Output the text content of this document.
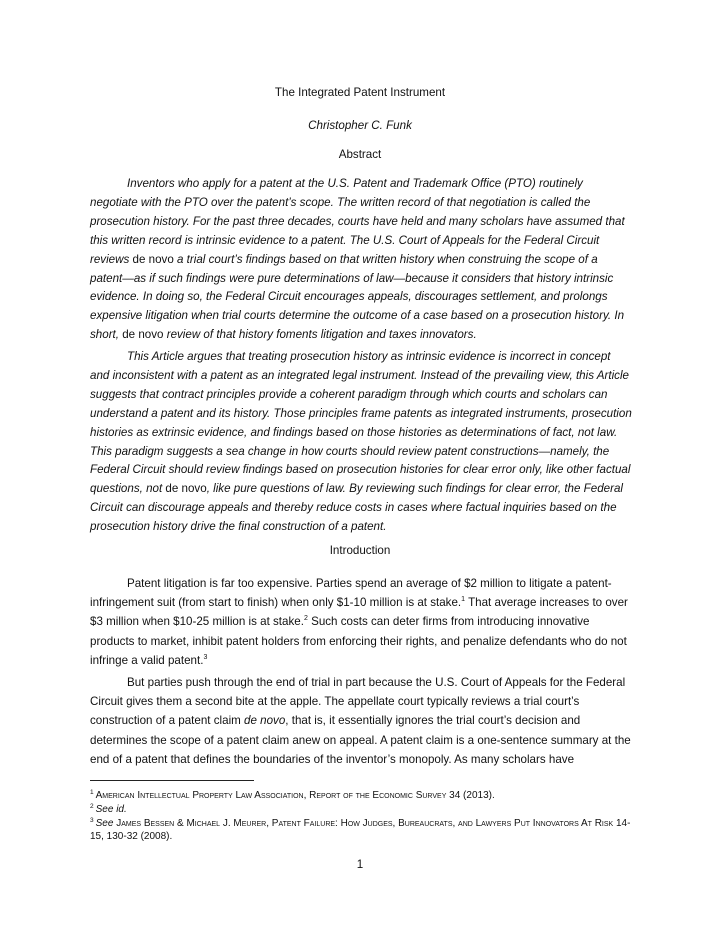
The Integrated Patent Instrument
Christopher C. Funk
Abstract

Inventors who apply for a patent at the U.S. Patent and Trademark Office (PTO) routinely negotiate with the PTO over the patent’s scope. The written record of that negotiation is called the prosecution history. For the past three decades, courts have held and many scholars have assumed that this written record is intrinsic evidence to a patent. The U.S. Court of Appeals for the Federal Circuit reviews de novo a trial court’s findings based on that written history when construing the scope of a patent—as if such findings were pure determinations of law—because it considers that history intrinsic evidence. In doing so, the Federal Circuit encourages appeals, discourages settlement, and prolongs expensive litigation when trial courts determine the outcome of a case based on a prosecution history. In short, de novo review of that history foments litigation and taxes innovators.

This Article argues that treating prosecution history as intrinsic evidence is incorrect in concept and inconsistent with a patent as an integrated legal instrument. Instead of the prevailing view, this Article suggests that contract principles provide a coherent paradigm through which courts and scholars can understand a patent and its history. Those principles frame patents as integrated instruments, prosecution histories as extrinsic evidence, and findings based on those histories as determinations of fact, not law. This paradigm suggests a sea change in how courts should review patent constructions—namely, the Federal Circuit should review findings based on prosecution histories for clear error only, like other factual questions, not de novo, like pure questions of law. By reviewing such findings for clear error, the Federal Circuit can discourage appeals and thereby reduce costs in cases where factual inquiries based on the prosecution history drive the final construction of a patent.

Introduction

Patent litigation is far too expensive. Parties spend an average of $2 million to litigate a patent-infringement suit (from start to finish) when only $1-10 million is at stake.$^1$ That average increases to over $3 million when $10-25 million is at stake.$^2$ Such costs can deter firms from introducing innovative products to market, inhibit patent holders from enforcing their rights, and penalize defendants who do not infringe a valid patent.$^3$

But parties push through the end of trial in part because the U.S. Court of Appeals for the Federal Circuit gives them a second bite at the apple. The appellate court typically reviews a trial court’s construction of a patent claim de novo, that is, it essentially ignores the trial court’s decision and determines the scope of a patent claim anew on appeal. A patent claim is a one-sentence summary at the end of a patent that defines the boundaries of the inventor’s monopoly. As many scholars have

$^1$ American Intellectual Property Law Association, Report of the Economic Survey 34 (2013).

$^2$ See id.

$^3$ See James Bessen & Michael J. Meurer, Patent Failure: How Judges, Bureaucrats, and Lawyers Put Innovators At Risk 14-15, 130-32 (2008).

1
